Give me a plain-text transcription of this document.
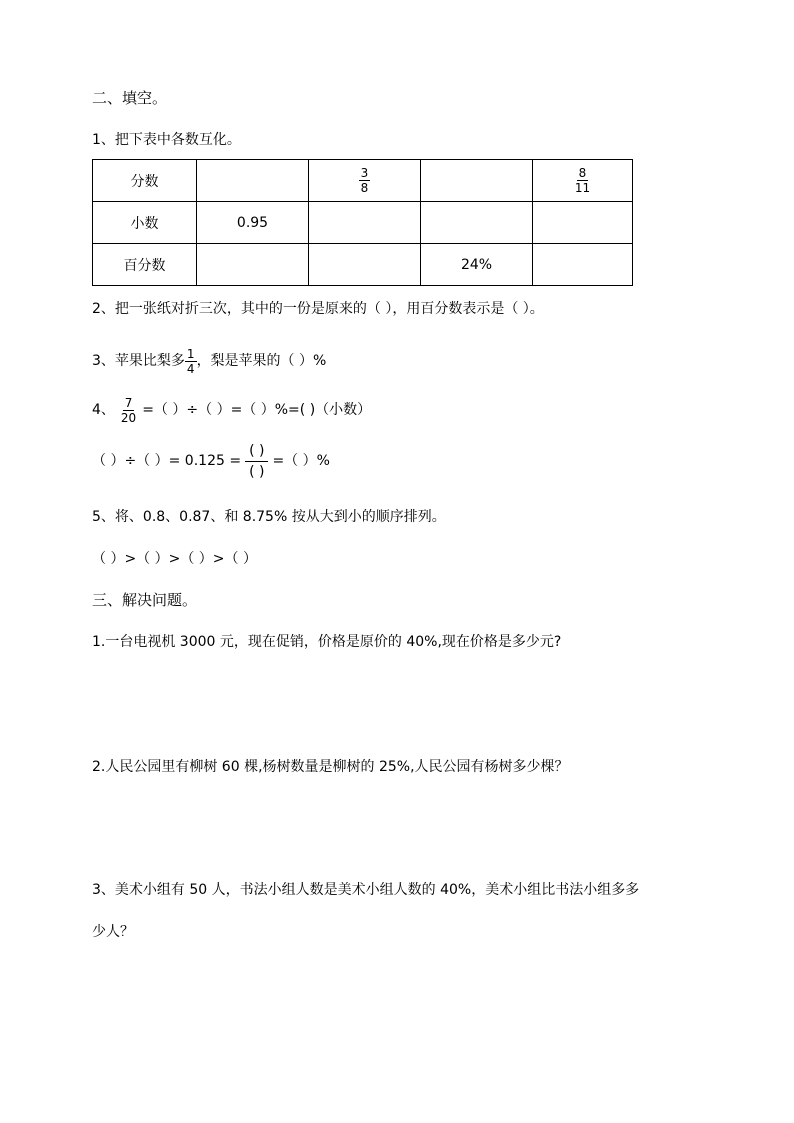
二、填空。
1、把下表中各数互化。
分数		$\frac{3}{8}$		$\frac{8}{11}$

小数	0.95			
百分数			24%	
2、把一张纸对折三次，其中的一份是原来的（ ），用百分数表示是（ ）。
3、苹果比梨多 $\frac{1}{4}$ ，梨是苹果的（ ）%
4、 $\frac{7}{20}$ =（ ）÷（ ）=（ ）%=( )（小数）
（ ）÷（ ）= 0.125 =
( )
( )
=（ ）%
5、将、0.8、0.87、和 8.75% 按从大到小的顺序排列。
（ ）>（ ）>（ ）>（ ）
三、解决问题。
1.一台电视机 3000 元，现在促销，价格是原价的 40%,现在价格是多少元?
2.人民公园里有柳树 60 棵,杨树数量是柳树的 25%,人民公园有杨树多少棵？
3、美术小组有 50 人，书法小组人数是美术小组人数的 40%，美术小组比书法小组多多
少人？
